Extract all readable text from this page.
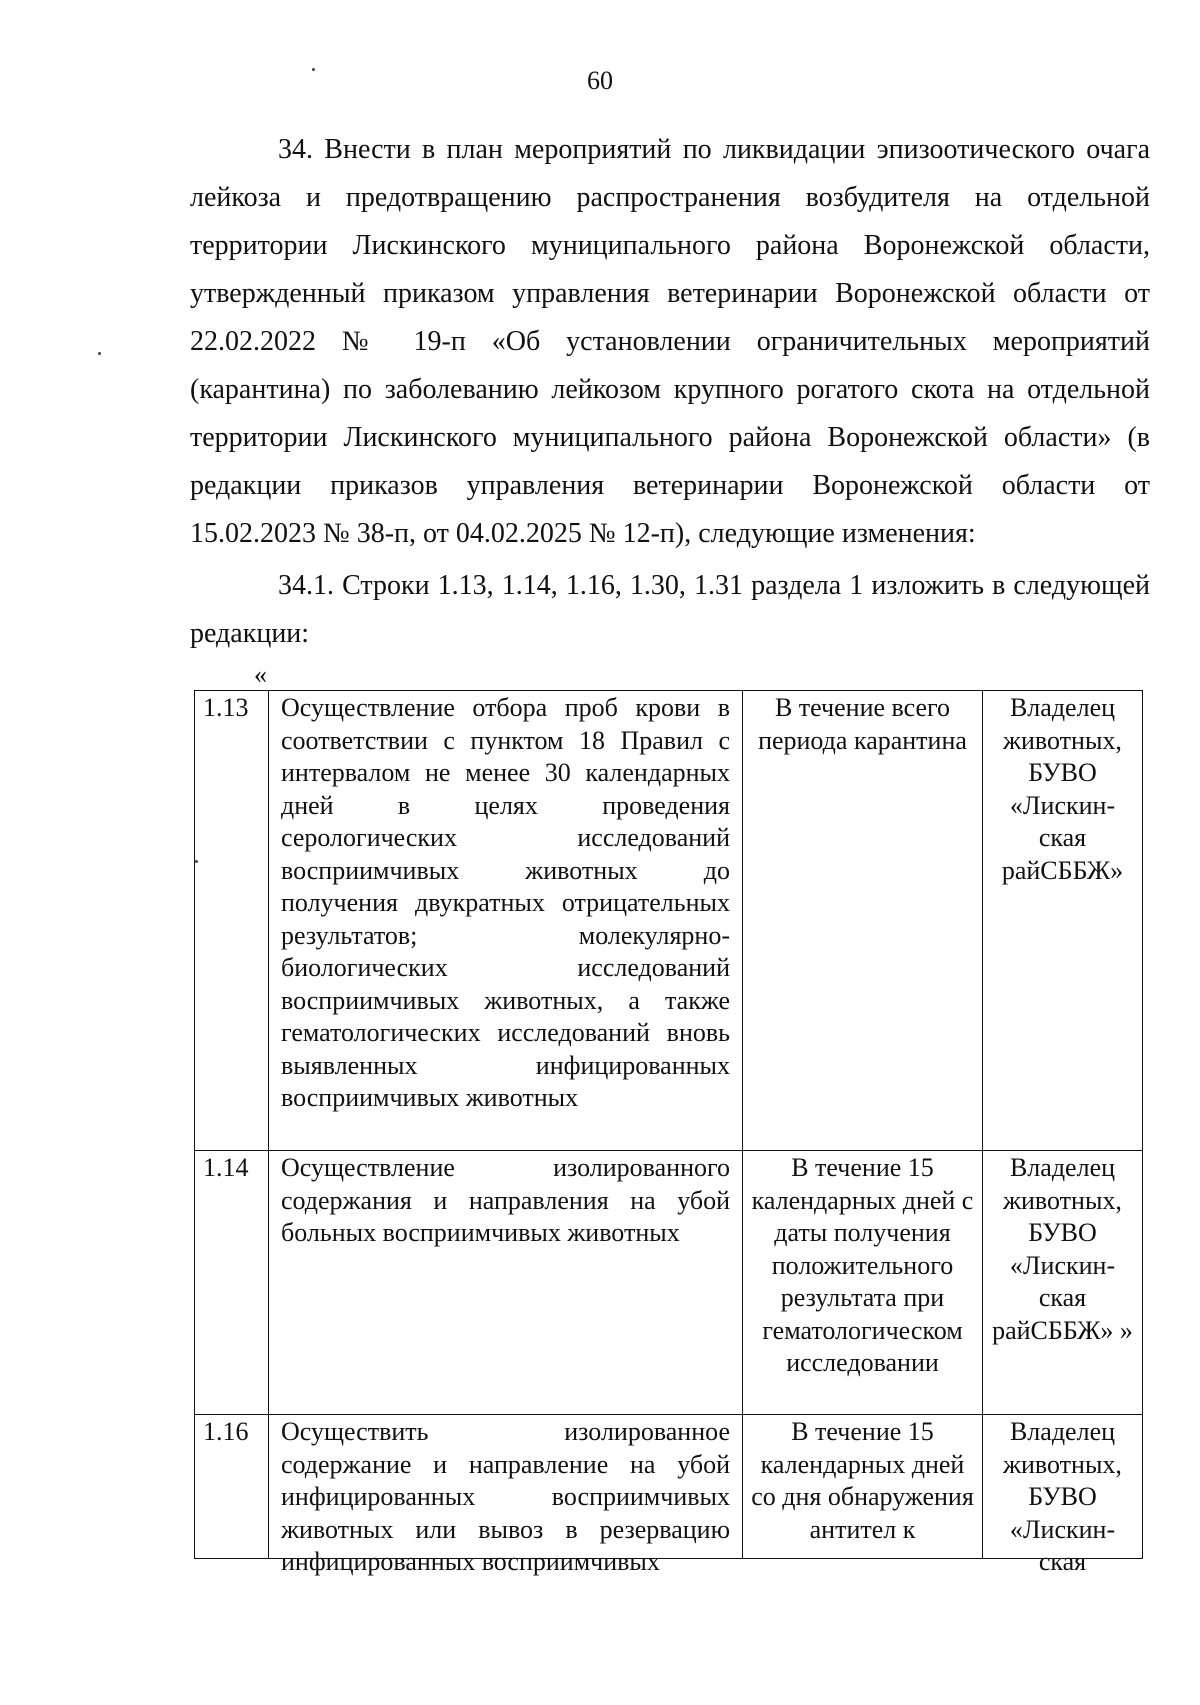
60

34. Внести в план мероприятий по ликвидации эпизоотического очага лейкоза и предотвращению распространения возбудителя на отдельной территории Лискинского муниципального района Воронежской области, утвержденный приказом управления ветеринарии Воронежской области от 22.02.2022 № 19-п «Об установлении ограничительных мероприятий (карантина) по заболеванию лейкозом крупного рогатого скота на отдельной территории Лискинского муниципального района Воронежской области» (в редакции приказов управления ветеринарии Воронежской области от 15.02.2023 № 38-п, от 04.02.2025 № 12-п), следующие изменения:

34.1. Строки 1.13, 1.14, 1.16, 1.30, 1.31 раздела 1 изложить в следующей редакции:

«
1.13	Осуществление отбора проб крови в соответствии с пунктом 18 Правил с интервалом не менее 30 календарных дней в целях проведения серологических исследований восприимчивых животных до получения двукратных отрицательных результатов; молекулярно-биологических исследований восприимчивых животных, а также гематологических исследований вновь выявленных инфицированных восприимчивых животных	В течение всего периода карантина	Владелец животных, БУВО «Лискин-ская райСББЖ»
1.14	Осуществление изолированного содержания и направления на убой больных восприимчивых животных	В течение 15 календарных дней с даты получения положительного результата при гематологическом исследовании	Владелец животных, БУВО «Лискин-ская райСББЖ» »
1.16	Осуществить изолированное содержание и направление на убой инфицированных восприимчивых животных или вывоз в резервацию инфицированных восприимчивых	В течение 15 календарных дней со дня обнаружения антител к	Владелец животных, БУВО «Лискин-ская
